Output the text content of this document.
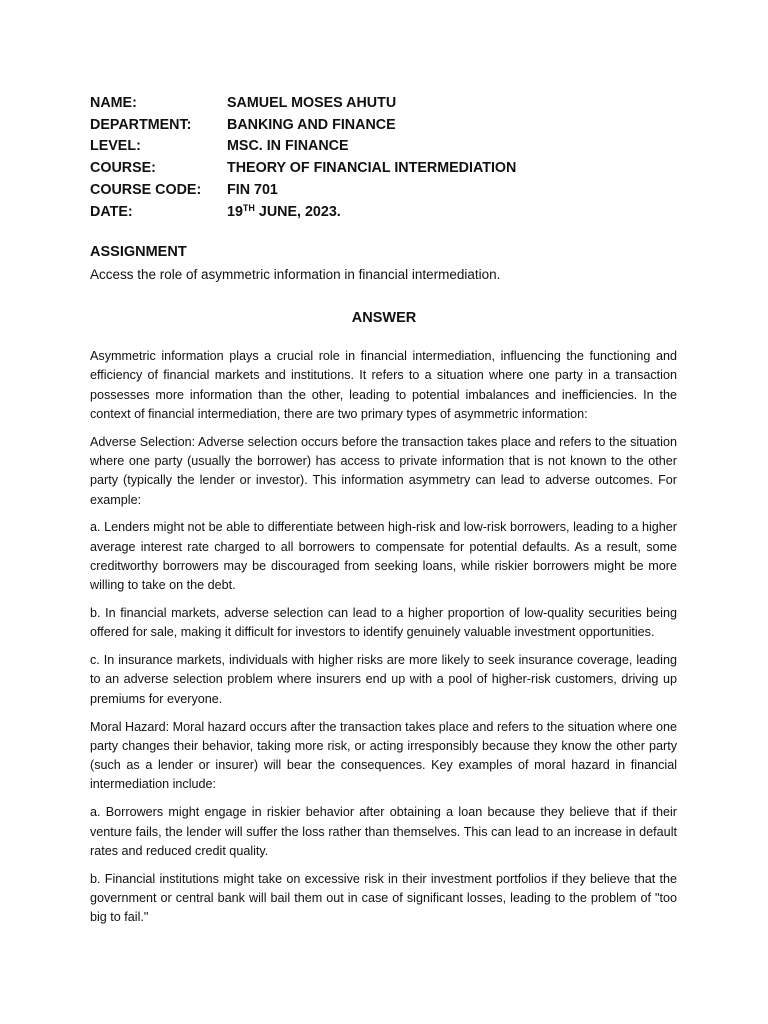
NAME:	SAMUEL MOSES AHUTU
DEPARTMENT:	BANKING AND FINANCE
LEVEL:	MSC. IN FINANCE
COURSE:	THEORY OF FINANCIAL INTERMEDIATION
COURSE CODE:	FIN 701
DATE:	19TH JUNE, 2023.
ASSIGNMENT

Access the role of asymmetric information in financial intermediation.

ANSWER

Asymmetric information plays a crucial role in financial intermediation, influencing the functioning and efficiency of financial markets and institutions. It refers to a situation where one party in a transaction possesses more information than the other, leading to potential imbalances and inefficiencies. In the context of financial intermediation, there are two primary types of asymmetric information:

Adverse Selection: Adverse selection occurs before the transaction takes place and refers to the situation where one party (usually the borrower) has access to private information that is not known to the other party (typically the lender or investor). This information asymmetry can lead to adverse outcomes. For example:

a. Lenders might not be able to differentiate between high-risk and low-risk borrowers, leading to a higher average interest rate charged to all borrowers to compensate for potential defaults. As a result, some creditworthy borrowers may be discouraged from seeking loans, while riskier borrowers might be more willing to take on the debt.

b. In financial markets, adverse selection can lead to a higher proportion of low-quality securities being offered for sale, making it difficult for investors to identify genuinely valuable investment opportunities.

c. In insurance markets, individuals with higher risks are more likely to seek insurance coverage, leading to an adverse selection problem where insurers end up with a pool of higher-risk customers, driving up premiums for everyone.

Moral Hazard: Moral hazard occurs after the transaction takes place and refers to the situation where one party changes their behavior, taking more risk, or acting irresponsibly because they know the other party (such as a lender or insurer) will bear the consequences. Key examples of moral hazard in financial intermediation include:

a. Borrowers might engage in riskier behavior after obtaining a loan because they believe that if their venture fails, the lender will suffer the loss rather than themselves. This can lead to an increase in default rates and reduced credit quality.

b. Financial institutions might take on excessive risk in their investment portfolios if they believe that the government or central bank will bail them out in case of significant losses, leading to the problem of "too big to fail."
